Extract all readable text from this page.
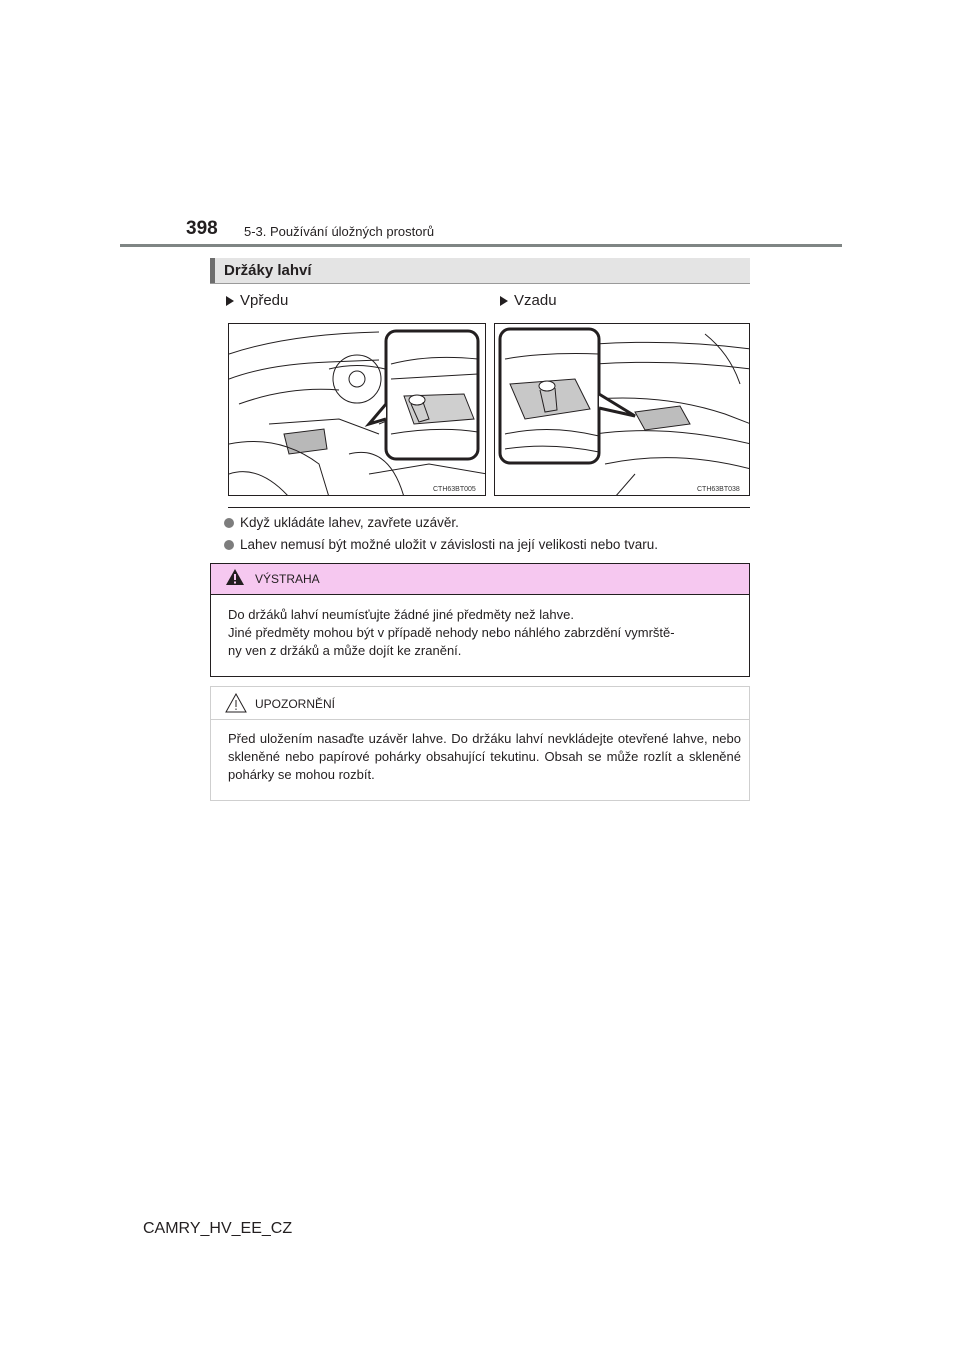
398 5-3. Používání úložných prostorů
Držáky lahví
Vpředu	Vzadu
CTH63BT005	CTH63BT038
Když ukládáte lahev, zavřete uzávěr.
Lahev nemusí být možné uložit v závislosti na její velikosti nebo tvaru.
VÝSTRAHA
Do držáků lahví neumísťujte žádné jiné předměty než lahve.
Jiné předměty mohou být v případě nehody nebo náhlého zabrzdění vymrště-
ny ven z držáků a může dojít ke zranění.
UPOZORNĚNÍ
Před uložením nasaďte uzávěr lahve. Do držáku lahví nevkládejte otevřené lahve, nebo skleněné nebo papírové pohárky obsahující tekutinu. Obsah se může rozlít a skleněné pohárky se mohou rozbít.
CAMRY_HV_EE_CZ
